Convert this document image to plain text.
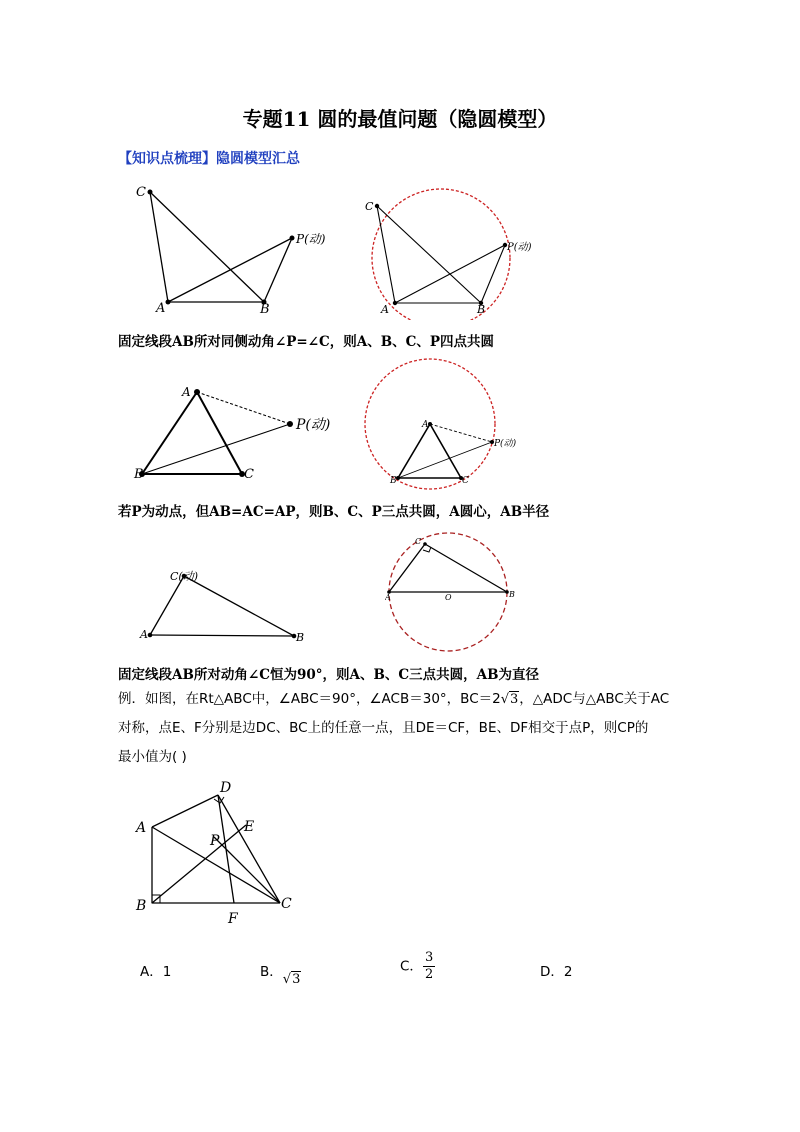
专题11 圆的最值问题（隐圆模型）
【知识点梳理】隐圆模型汇总
C
A	B
P(动)
C
A	B
P(动)
固定线段AB所对同侧动角∠P=∠C，则A、B、C、P四点共圆
A
B	C
P(动)	A
B	C
P(动)
若P为动点，但AB=AC=AP，则B、C、P三点共圆，A圆心，AB半径
C(动)
A	B
C
A	B
O
固定线段AB所对动角∠C恒为90°，则A、B、C三点共圆，AB为直径
例．如图，在Rt△ABC中，∠ABC＝90°，∠ACB＝30°，BC＝2√3，△ADC与△ABC关于AC
对称，点E、F分别是边DC、BC上的任意一点，且DE＝CF，BE、DF相交于点P，则CP的
最小值为( )
A
B	C
D
E
F
P
A．1	B．√3
C． $\frac{3}{2}$	D．2
